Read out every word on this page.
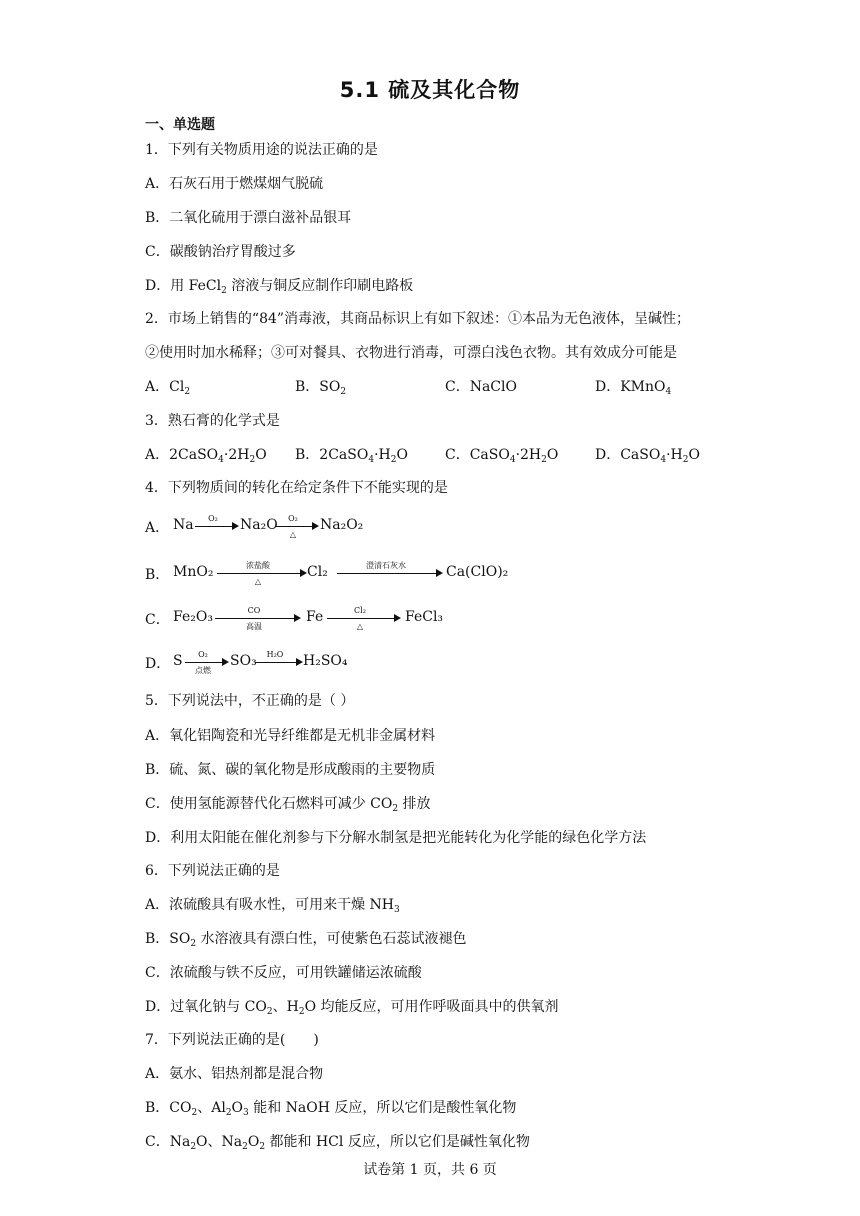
5.1 硫及其化合物
一、单选题
1．下列有关物质用途的说法正确的是
A．石灰石用于燃煤烟气脱硫
B．二氧化硫用于漂白滋补品银耳
C．碳酸钠治疗胃酸过多
D．用 FeCl$_2$ 溶液与铜反应制作印刷电路板
2．市场上销售的“84”消毒液，其商品标识上有如下叙述：①本品为无色液体，呈碱性；
②使用时加水稀释；③可对餐具、衣物进行消毒，可漂白浅色衣物。其有效成分可能是
A．$Cl_2$	B．$SO_2$	C．NaClO	D．KMnO$_4$
3．熟石膏的化学式是
A．$2CaSO_4\cdot 2H_2O$ B．$2CaSO_4\cdot H_2O$	C．$CaSO_4\cdot 2H_2O$	D．$CaSO_4\cdot H_2O$
4．下列物质间的转化在给定条件下不能实现的是
A． Na	O₂	Na₂O	O₂
△
Na₂O₂
B． MnO₂	浓盐酸
△
Cl₂	澄清石灰水	Ca(ClO)₂
C． Fe₂O₃	CO
高温
Fe	Cl₂
△
FeCl₃
D． S	O₂
点燃
SO₃	H₂O	H₂SO₄
5．下列说法中，不正确的是（ ）
A．氧化铝陶瓷和光导纤维都是无机非金属材料
B．硫、氮、碳的氧化物是形成酸雨的主要物质
C．使用氢能源替代化石燃料可减少 $CO_2$ 排放
D．利用太阳能在催化剂参与下分解水制氢是把光能转化为化学能的绿色化学方法
6．下列说法正确的是
A．浓硫酸具有吸水性，可用来干燥 $NH_3$
B．$SO_2$ 水溶液具有漂白性，可使紫色石蕊试液褪色
C．浓硫酸与铁不反应，可用铁罐储运浓硫酸
D．过氧化钠与 $CO_2$、$H_2O$ 均能反应，可用作呼吸面具中的供氧剂
7．下列说法正确的是(　　)
A．氨水、铝热剂都是混合物
B．$CO_2$、$Al_2O_3$ 能和 NaOH 反应，所以它们是酸性氧化物
C．$Na_2O$、$Na_2O_2$ 都能和 HCl 反应，所以它们是碱性氧化物
试卷第 1 页，共 6 页
